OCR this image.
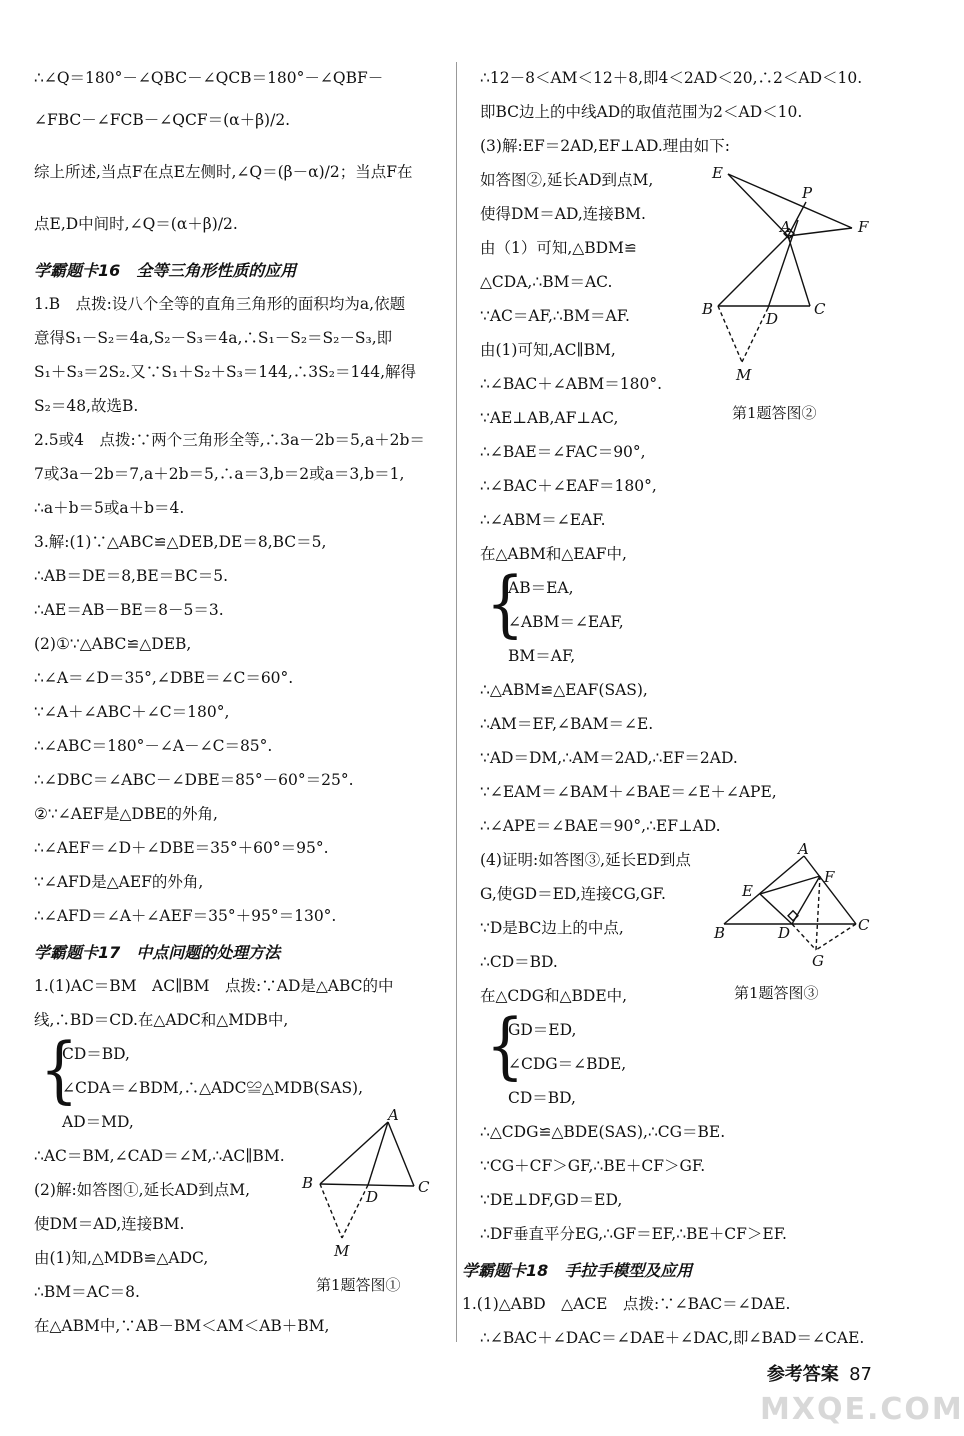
∴∠Q＝180°－∠QBC－∠QCB＝180°－∠QBF－
∠FBC－∠FCB－∠QCF＝(α＋β)/2.
综上所述,当点F在点E左侧时,∠Q＝(β－α)/2；当点F在
点E,D中间时,∠Q＝(α＋β)/2.
学霸题卡16　全等三角形性质的应用
1.B　点拨:设八个全等的直角三角形的面积均为a,依题
意得S₁－S₂＝4a,S₂－S₃＝4a,∴S₁－S₂＝S₂－S₃,即
S₁＋S₃＝2S₂.又∵S₁＋S₂＋S₃＝144,∴3S₂＝144,解得
S₂＝48,故选B.
2.5或4　点拨:∵两个三角形全等,∴3a－2b＝5,a＋2b＝
7或3a－2b＝7,a＋2b＝5,∴a＝3,b＝2或a＝3,b＝1,
∴a＋b＝5或a＋b＝4.
3.解:(1)∵△ABC≌△DEB,DE＝8,BC＝5,
∴AB＝DE＝8,BE＝BC＝5.
∴AE＝AB－BE＝8－5＝3.
(2)①∵△ABC≌△DEB,
∴∠A＝∠D＝35°,∠DBE＝∠C＝60°.
∵∠A＋∠ABC＋∠C＝180°,
∴∠ABC＝180°－∠A－∠C＝85°.
∴∠DBC＝∠ABC－∠DBE＝85°－60°＝25°.
②∵∠AEF是△DBE的外角,
∴∠AEF＝∠D＋∠DBE＝35°＋60°＝95°.
∵∠AFD是△AEF的外角,
∴∠AFD＝∠A＋∠AEF＝35°＋95°＝130°.
学霸题卡17　中点问题的处理方法
1.(1)AC＝BM　AC∥BM　点拨:∵AD是△ABC的中
线,∴BD＝CD.在△ADC和△MDB中,
{
CD＝BD,
∠CDA＝∠BDM,∴△ADC≌△MDB(SAS),
AD＝MD,
∴AC＝BM,∠CAD＝∠M,∴AC∥BM.
(2)解:如答图①,延长AD到点M,
使DM＝AD,连接BM.
由(1)知,△MDB≌△ADC,
∴BM＝AC＝8.
在△ABM中,∵AB－BM＜AM＜AB＋BM,
A
B	C
D
M
第1题答图①
∴12－8＜AM＜12＋8,即4＜2AD＜20,∴2＜AD＜10.
即BC边上的中线AD的取值范围为2＜AD＜10.
(3)解:EF＝2AD,EF⊥AD.理由如下:
如答图②,延长AD到点M,
使得DM＝AD,连接BM.
由（1）可知,△BDM≌
△CDA,∴BM＝AC.
∵AC＝AF,∴BM＝AF.
由(1)可知,AC∥BM,
∴∠BAC＋∠ABM＝180°.
∵AE⊥AB,AF⊥AC,
∴∠BAE＝∠FAC＝90°,
∴∠BAC＋∠EAF＝180°,
∴∠ABM＝∠EAF.
在△ABM和△EAF中,
{
AB＝EA,
∠ABM＝∠EAF,
BM＝AF,
∴△ABM≌△EAF(SAS),
∴AM＝EF,∠BAM＝∠E.
∵AD＝DM,∴AM＝2AD,∴EF＝2AD.
∵∠EAM＝∠BAM＋∠BAE＝∠E＋∠APE,
∴∠APE＝∠BAE＝90°,∴EF⊥AD.
(4)证明:如答图③,延长ED到点
G,使GD＝ED,连接CG,GF.
∵D是BC边上的中点,
∴CD＝BD.
在△CDG和△BDE中,
{
GD＝ED,
∠CDG＝∠BDE,
CD＝BD,
∴△CDG≌△BDE(SAS),∴CG＝BE.
∵CG＋CF＞GF,∴BE＋CF＞GF.
∵DE⊥DF,GD＝ED,
∴DF垂直平分EG,∴GF＝EF,∴BE＋CF＞EF.
学霸题卡18　手拉手模型及应用
1.(1)△ABD　△ACE　点拨:∵∠BAC＝∠DAE.
∴∠BAC＋∠DAC＝∠DAE＋∠DAC,即∠BAD＝∠CAE.
E
P
F
A
B	C
D
M
第1题答图②
A
E
F
B	C
D
G
第1题答图③
参考答案 87
MXQE.COM
